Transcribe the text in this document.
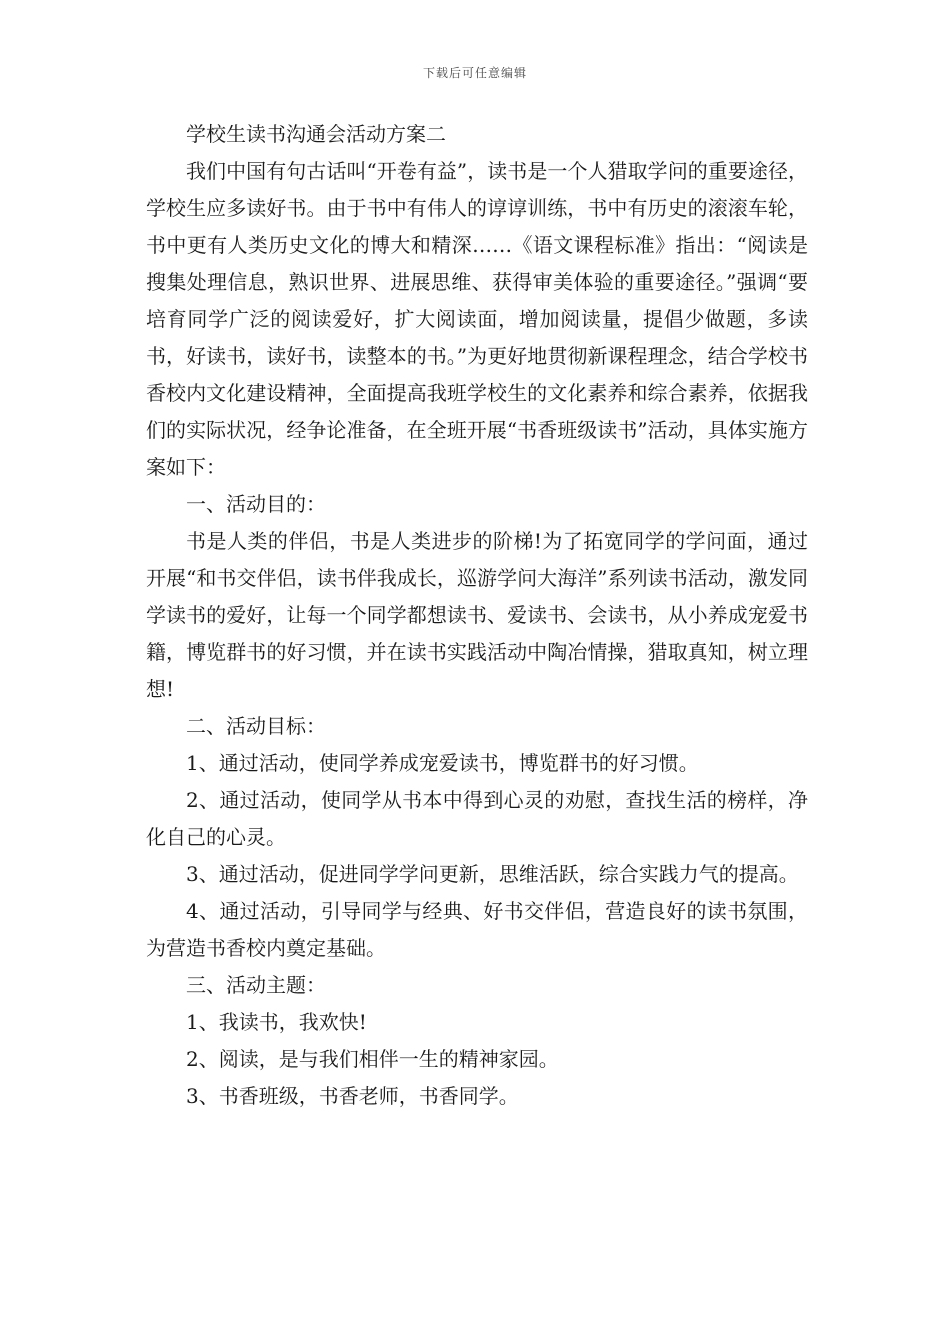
下载后可任意编辑

学校生读书沟通会活动方案二

我们中国有句古话叫“开卷有益”，读书是一个人猎取学问的重要途径，学校生应多读好书。由于书中有伟人的谆谆训练，书中有历史的滚滚车轮，书中更有人类历史文化的博大和精深……《语文课程标准》指出：“阅读是搜集处理信息，熟识世界、进展思维、获得审美体验的重要途径。”强调“要培育同学广泛的阅读爱好，扩大阅读面，增加阅读量，提倡少做题，多读书，好读书，读好书，读整本的书。”为更好地贯彻新课程理念，结合学校书香校内文化建设精神，全面提高我班学校生的文化素养和综合素养，依据我们的实际状况，经争论准备，在全班开展“书香班级读书”活动，具体实施方案如下：

一、活动目的：

书是人类的伴侣，书是人类进步的阶梯!为了拓宽同学的学问面，通过开展“和书交伴侣，读书伴我成长，巡游学问大海洋”系列读书活动，激发同学读书的爱好，让每一个同学都想读书、爱读书、会读书，从小养成宠爱书籍，博览群书的好习惯，并在读书实践活动中陶冶情操，猎取真知，树立理想!

二、活动目标：

1、通过活动，使同学养成宠爱读书，博览群书的好习惯。

2、通过活动，使同学从书本中得到心灵的劝慰，查找生活的榜样，净化自己的心灵。

3、通过活动，促进同学学问更新，思维活跃，综合实践力气的提高。

4、通过活动，引导同学与经典、好书交伴侣，营造良好的读书氛围，为营造书香校内奠定基础。

三、活动主题：

1、我读书，我欢快!

2、阅读，是与我们相伴一生的精神家园。

3、书香班级，书香老师，书香同学。
